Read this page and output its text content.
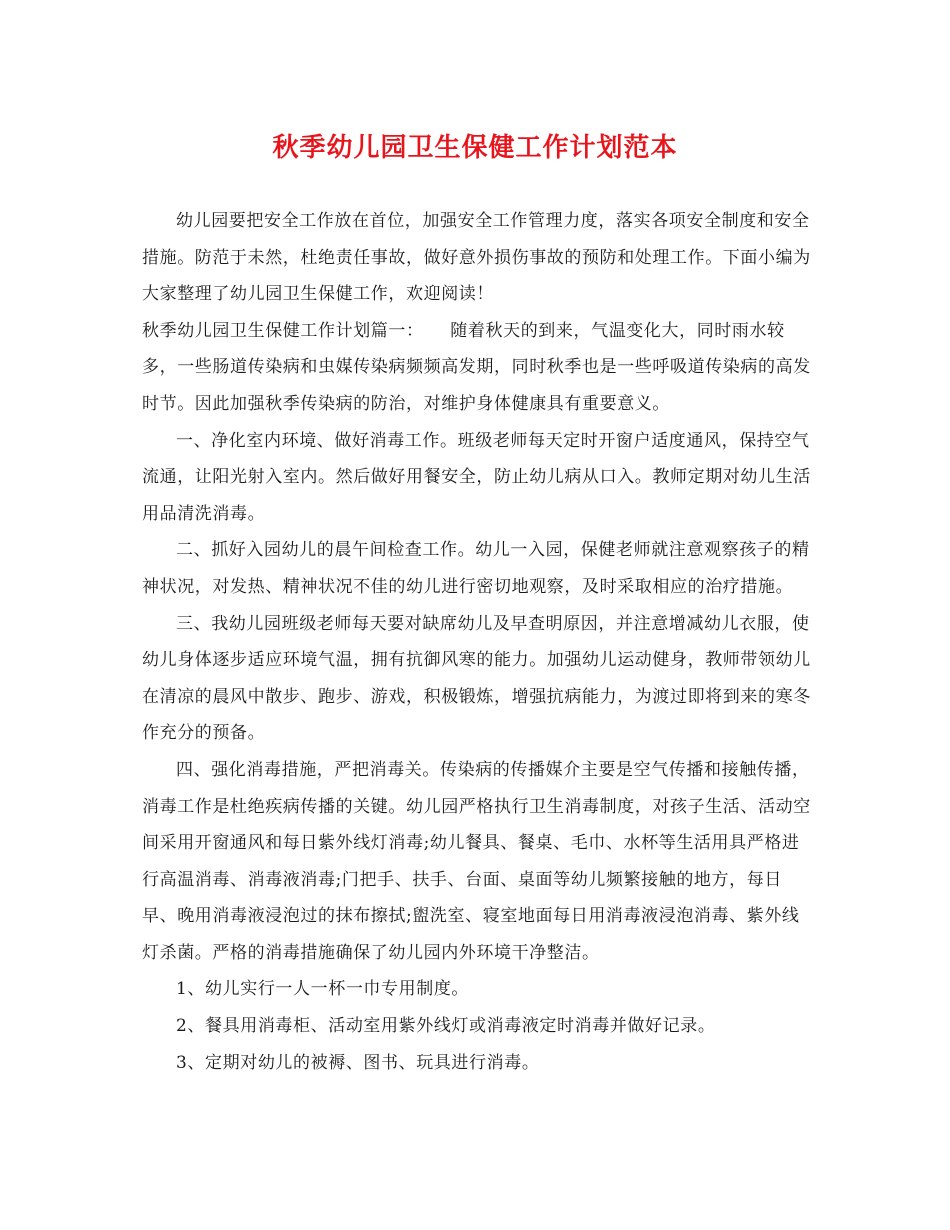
秋季幼儿园卫生保健工作计划范本

幼儿园要把安全工作放在首位，加强安全工作管理力度，落实各项安全制度和安全措施。防范于未然，杜绝责任事故，做好意外损伤事故的预防和处理工作。下面小编为大家整理了幼儿园卫生保健工作，欢迎阅读！

秋季幼儿园卫生保健工作计划篇一：　　随着秋天的到来，气温变化大，同时雨水较多，一些肠道传染病和虫媒传染病频频高发期，同时秋季也是一些呼吸道传染病的高发时节。因此加强秋季传染病的防治，对维护身体健康具有重要意义。

一、净化室内环境、做好消毒工作。班级老师每天定时开窗户适度通风，保持空气流通，让阳光射入室内。然后做好用餐安全，防止幼儿病从口入。教师定期对幼儿生活用品清洗消毒。

二、抓好入园幼儿的晨午间检查工作。幼儿一入园，保健老师就注意观察孩子的精神状况，对发热、精神状况不佳的幼儿进行密切地观察，及时采取相应的治疗措施。

三、我幼儿园班级老师每天要对缺席幼儿及早查明原因，并注意增减幼儿衣服，使幼儿身体逐步适应环境气温，拥有抗御风寒的能力。加强幼儿运动健身，教师带领幼儿在清凉的晨风中散步、跑步、游戏，积极锻炼，增强抗病能力，为渡过即将到来的寒冬作充分的预备。

四、强化消毒措施，严把消毒关。传染病的传播媒介主要是空气传播和接触传播，消毒工作是杜绝疾病传播的关键。幼儿园严格执行卫生消毒制度，对孩子生活、活动空间采用开窗通风和每日紫外线灯消毒;幼儿餐具、餐桌、毛巾、水杯等生活用具严格进行高温消毒、消毒液消毒;门把手、扶手、台面、桌面等幼儿频繁接触的地方，每日早、晚用消毒液浸泡过的抹布擦拭;盥洗室、寝室地面每日用消毒液浸泡消毒、紫外线灯杀菌。严格的消毒措施确保了幼儿园内外环境干净整洁。

1、幼儿实行一人一杯一巾专用制度。

2、餐具用消毒柜、活动室用紫外线灯或消毒液定时消毒并做好记录。

3、定期对幼儿的被褥、图书、玩具进行消毒。
